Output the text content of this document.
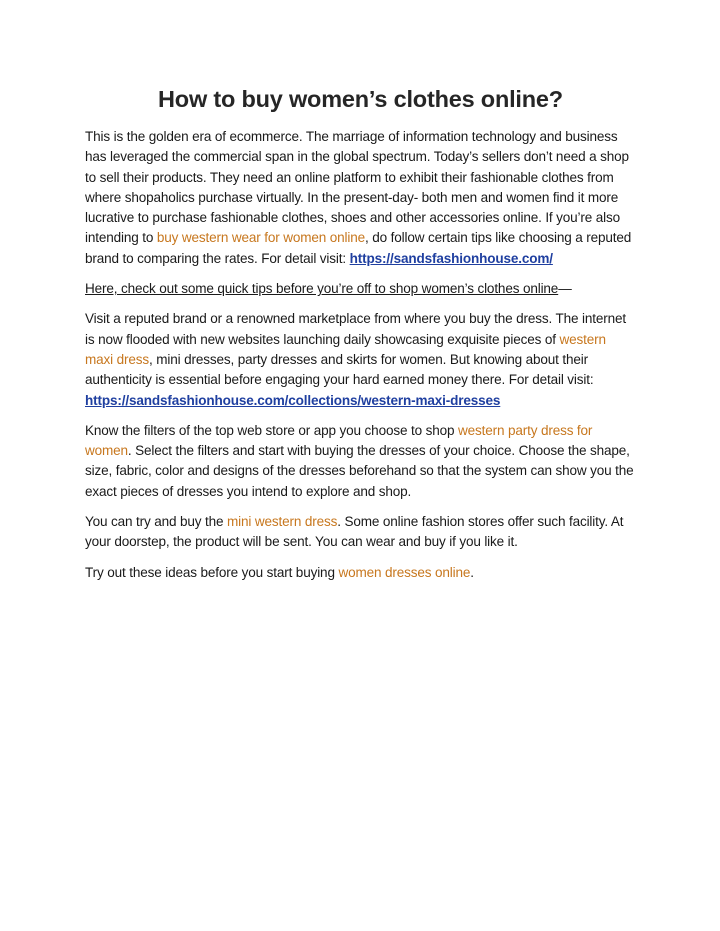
How to buy women’s clothes online?

This is the golden era of ecommerce. The marriage of information technology and business has leveraged the commercial span in the global spectrum. Today’s sellers don’t need a shop to sell their products. They need an online platform to exhibit their fashionable clothes from where shopaholics purchase virtually. In the present-day- both men and women find it more lucrative to purchase fashionable clothes, shoes and other accessories online. If you’re also intending to buy western wear for women online, do follow certain tips like choosing a reputed brand to comparing the rates. For detail visit: https://sandsfashionhouse.com/

Here, check out some quick tips before you’re off to shop women’s clothes online—

Visit a reputed brand or a renowned marketplace from where you buy the dress. The internet is now flooded with new websites launching daily showcasing exquisite pieces of western maxi dress, mini dresses, party dresses and skirts for women. But knowing about their authenticity is essential before engaging your hard earned money there. For detail visit: https://sandsfashionhouse.com/collections/western-maxi-dresses

Know the filters of the top web store or app you choose to shop western party dress for women. Select the filters and start with buying the dresses of your choice. Choose the shape, size, fabric, color and designs of the dresses beforehand so that the system can show you the exact pieces of dresses you intend to explore and shop.

You can try and buy the mini western dress. Some online fashion stores offer such facility. At your doorstep, the product will be sent. You can wear and buy if you like it.

Try out these ideas before you start buying women dresses online.
